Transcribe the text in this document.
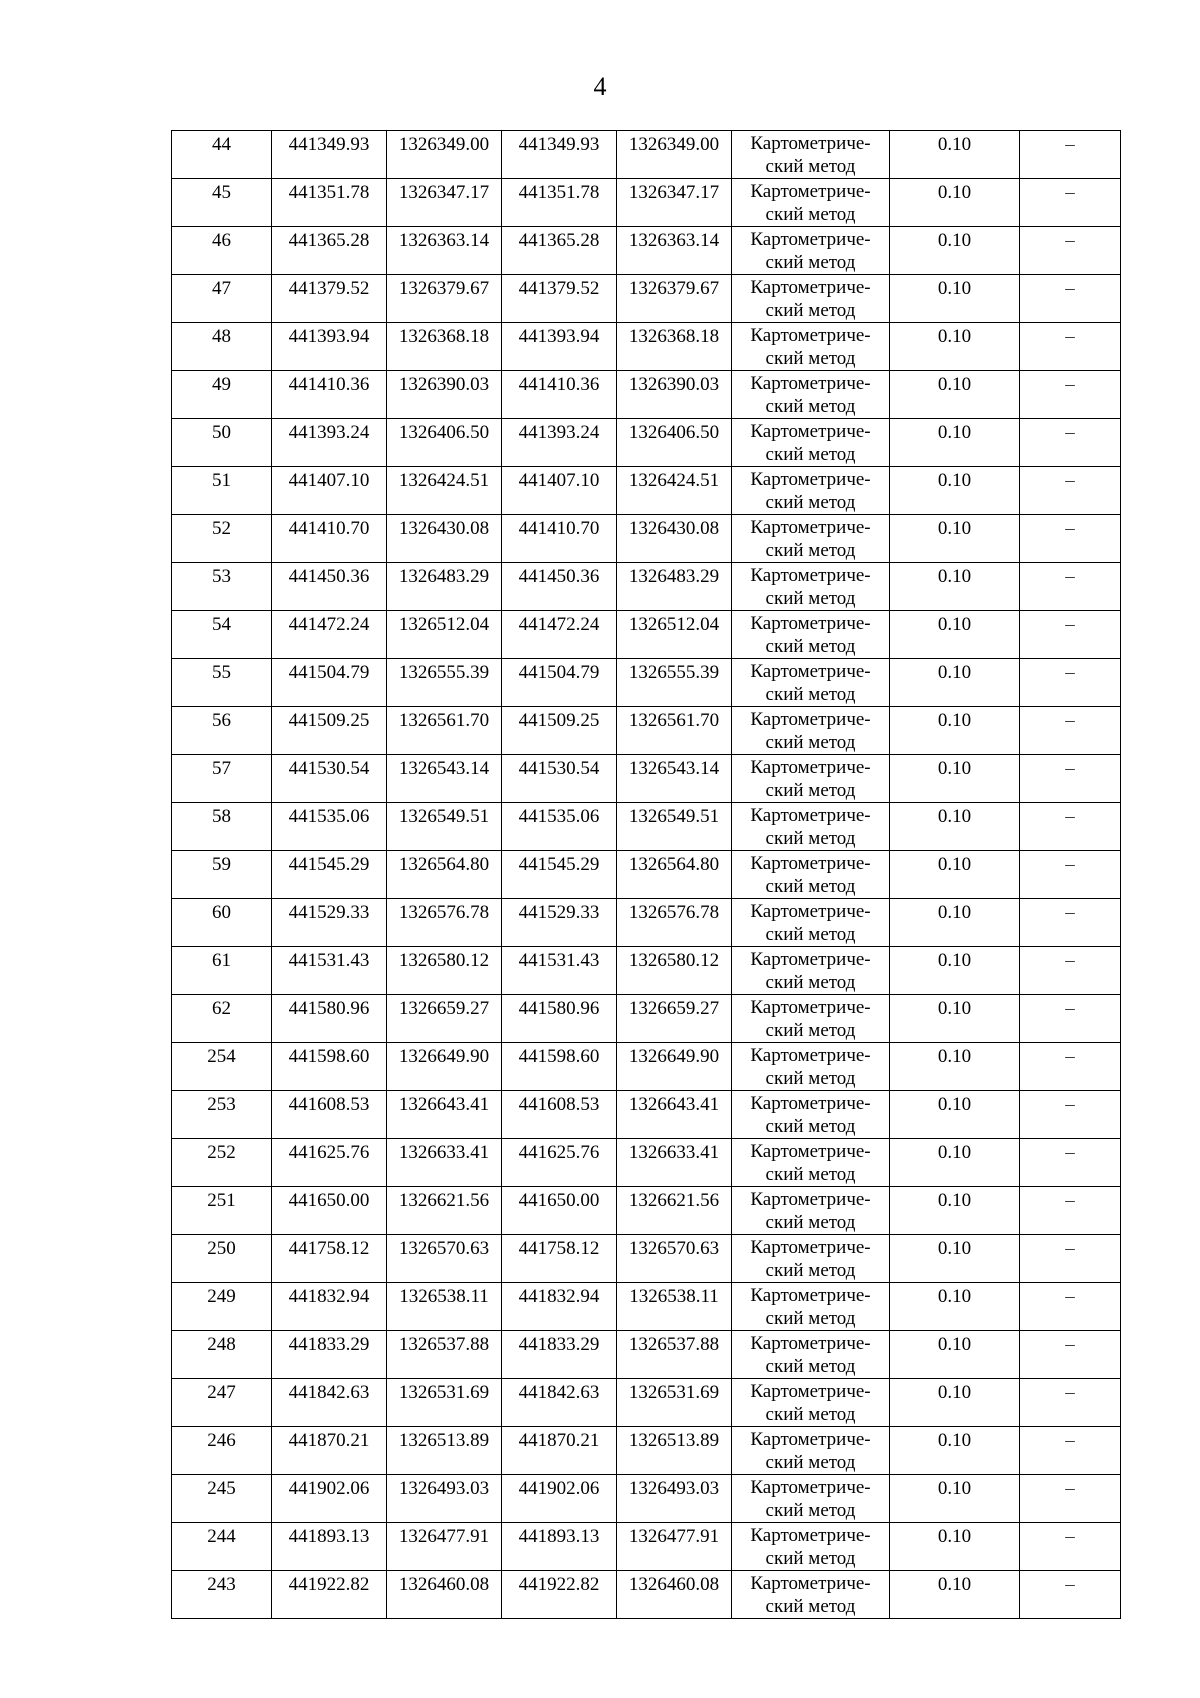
4
44	441349.93	1326349.00	441349.93	1326349.00	Картометриче-
ский метод	0.10	–
45	441351.78	1326347.17	441351.78	1326347.17	Картометриче-
ский метод	0.10	–
46	441365.28	1326363.14	441365.28	1326363.14	Картометриче-
ский метод	0.10	–
47	441379.52	1326379.67	441379.52	1326379.67	Картометриче-
ский метод	0.10	–
48	441393.94	1326368.18	441393.94	1326368.18	Картометриче-
ский метод	0.10	–
49	441410.36	1326390.03	441410.36	1326390.03	Картометриче-
ский метод	0.10	–
50	441393.24	1326406.50	441393.24	1326406.50	Картометриче-
ский метод	0.10	–
51	441407.10	1326424.51	441407.10	1326424.51	Картометриче-
ский метод	0.10	–
52	441410.70	1326430.08	441410.70	1326430.08	Картометриче-
ский метод	0.10	–
53	441450.36	1326483.29	441450.36	1326483.29	Картометриче-
ский метод	0.10	–
54	441472.24	1326512.04	441472.24	1326512.04	Картометриче-
ский метод	0.10	–
55	441504.79	1326555.39	441504.79	1326555.39	Картометриче-
ский метод	0.10	–
56	441509.25	1326561.70	441509.25	1326561.70	Картометриче-
ский метод	0.10	–
57	441530.54	1326543.14	441530.54	1326543.14	Картометриче-
ский метод	0.10	–
58	441535.06	1326549.51	441535.06	1326549.51	Картометриче-
ский метод	0.10	–
59	441545.29	1326564.80	441545.29	1326564.80	Картометриче-
ский метод	0.10	–
60	441529.33	1326576.78	441529.33	1326576.78	Картометриче-
ский метод	0.10	–
61	441531.43	1326580.12	441531.43	1326580.12	Картометриче-
ский метод	0.10	–
62	441580.96	1326659.27	441580.96	1326659.27	Картометриче-
ский метод	0.10	–
254	441598.60	1326649.90	441598.60	1326649.90	Картометриче-
ский метод	0.10	–
253	441608.53	1326643.41	441608.53	1326643.41	Картометриче-
ский метод	0.10	–
252	441625.76	1326633.41	441625.76	1326633.41	Картометриче-
ский метод	0.10	–
251	441650.00	1326621.56	441650.00	1326621.56	Картометриче-
ский метод	0.10	–
250	441758.12	1326570.63	441758.12	1326570.63	Картометриче-
ский метод	0.10	–
249	441832.94	1326538.11	441832.94	1326538.11	Картометриче-
ский метод	0.10	–
248	441833.29	1326537.88	441833.29	1326537.88	Картометриче-
ский метод	0.10	–
247	441842.63	1326531.69	441842.63	1326531.69	Картометриче-
ский метод	0.10	–
246	441870.21	1326513.89	441870.21	1326513.89	Картометриче-
ский метод	0.10	–
245	441902.06	1326493.03	441902.06	1326493.03	Картометриче-
ский метод	0.10	–
244	441893.13	1326477.91	441893.13	1326477.91	Картометриче-
ский метод	0.10	–
243	441922.82	1326460.08	441922.82	1326460.08	Картометриче-
ский метод	0.10	–
